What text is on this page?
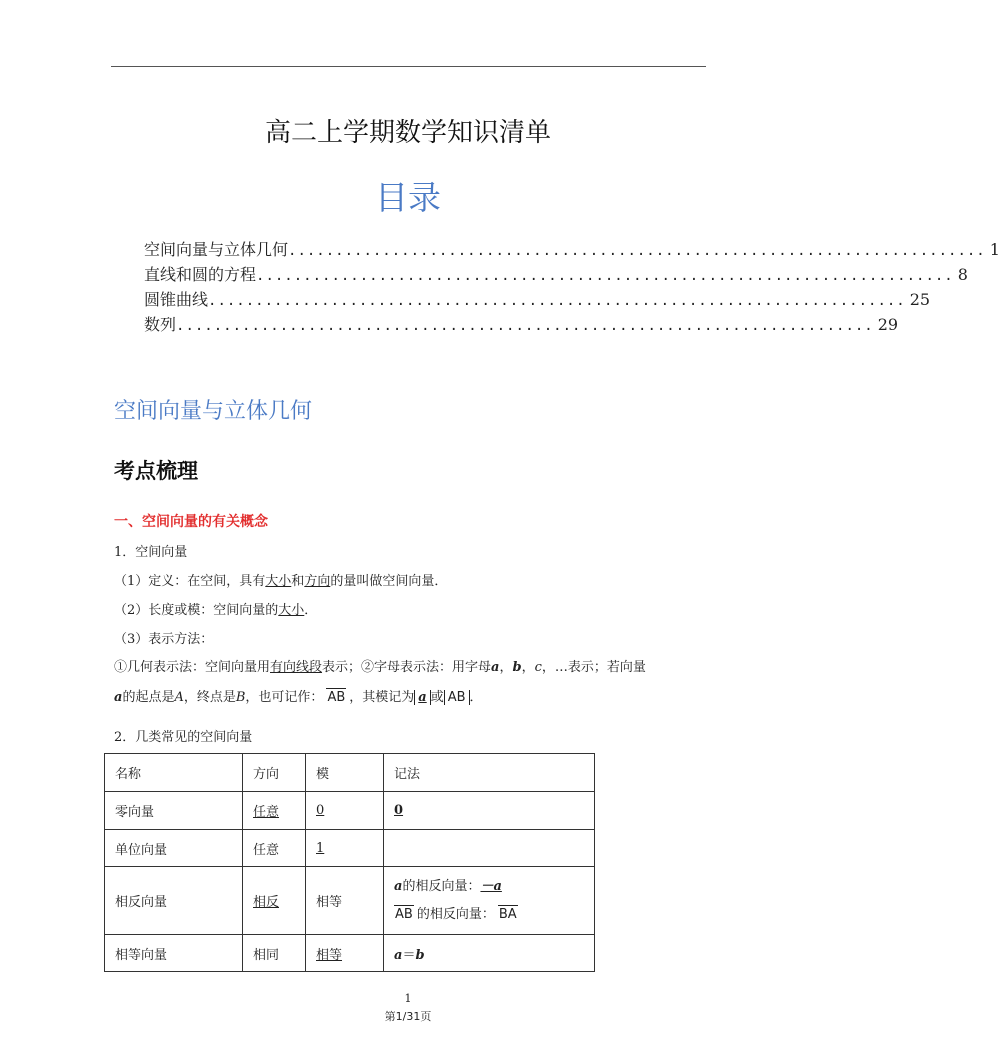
高二上学期数学知识清单
目录
空间向量与立体几何 .......................................................................... 1
直线和圆的方程 .......................................................................... 8
圆锥曲线 .......................................................................... 25
数列 .......................................................................... 29
空间向量与立体几何
考点梳理
一、空间向量的有关概念
1．空间向量
（1）定义：在空间，具有大小和方向的量叫做空间向量．
（2）长度或模：空间向量的大小．
（3）表示方法：
①几何表示法：空间向量用有向线段表示；②字母表示法：用字母a，b，c，…表示；若向量
a的起点是A，终点是B，也可记作： AB ，其模记为 a 或 AB ．
2．几类常见的空间向量
名称	方向	模	记法
零向量	任意	0	0
单位向量	任意	1	
相反向量	相反	相等	a的相反向量：－a
AB 的相反向量： BA

相等向量	相同	相等	a＝b
1
第1/31页
